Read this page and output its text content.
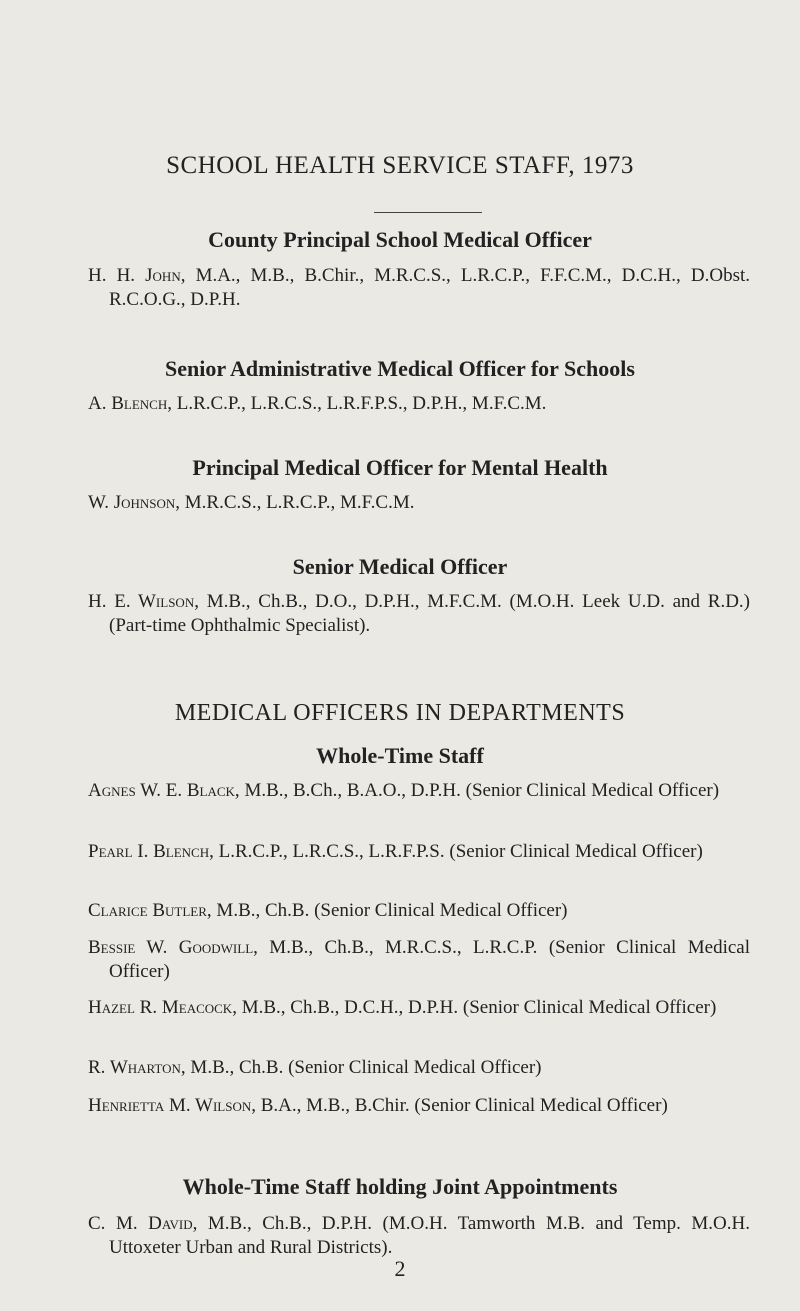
SCHOOL HEALTH SERVICE STAFF, 1973
County Principal School Medical Officer

H. H. John, M.A., M.B., B.Chir., M.R.C.S., L.R.C.P., F.F.C.M., D.C.H., D.Obst. R.C.O.G., D.P.H.

Senior Administrative Medical Officer for Schools

A. Blench, L.R.C.P., L.R.C.S., L.R.F.P.S., D.P.H., M.F.C.M.

Principal Medical Officer for Mental Health

W. Johnson, M.R.C.S., L.R.C.P., M.F.C.M.

Senior Medical Officer

H. E. Wilson, M.B., Ch.B., D.O., D.P.H., M.F.C.M. (M.O.H. Leek U.D. and R.D.) (Part-time Ophthalmic Specialist).

MEDICAL OFFICERS IN DEPARTMENTS
Whole-Time Staff

Agnes W. E. Black, M.B., B.Ch., B.A.O., D.P.H. (Senior Clinical Medical Officer)

Pearl I. Blench, L.R.C.P., L.R.C.S., L.R.F.P.S. (Senior Clinical Medical Officer)

Clarice Butler, M.B., Ch.B. (Senior Clinical Medical Officer)

Bessie W. Goodwill, M.B., Ch.B., M.R.C.S., L.R.C.P. (Senior Clinical Medical Officer)

Hazel R. Meacock, M.B., Ch.B., D.C.H., D.P.H. (Senior Clinical Medical Officer)

R. Wharton, M.B., Ch.B. (Senior Clinical Medical Officer)

Henrietta M. Wilson, B.A., M.B., B.Chir. (Senior Clinical Medical Officer)

Whole-Time Staff holding Joint Appointments

C. M. David, M.B., Ch.B., D.P.H. (M.O.H. Tamworth M.B. and Temp. M.O.H. Uttoxeter Urban and Rural Districts).

2
